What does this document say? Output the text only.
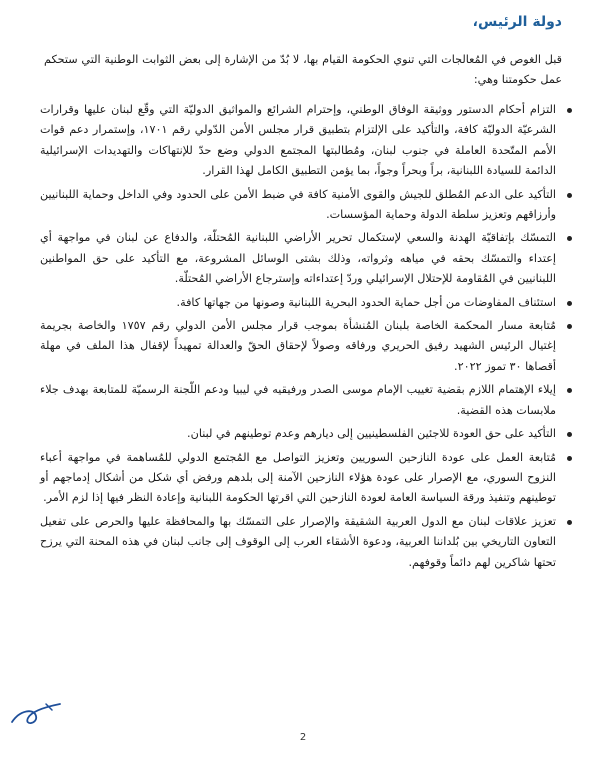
دولة الرئيس،

قبل الغوص في المُعالجات التي تنوي الحكومة القيام بها، لا بُدّ من الإشارة إلى بعض الثوابت الوطنية التي ستحكم عمل حكومتنا وهي:

التزام أحكام الدستور ووثيقة الوفاق الوطني، وإحترام الشرائع والمواثيق الدوليّة التي وقّع لبنان عليها وقرارات الشرعيّة الدوليّة كافة، والتأكيد على الإلتزام بتطبيق قرار مجلس الأمن الدّولي رقم ١٧٠١، وإستمرار دعم قوات الأمم المتّحدة العاملة في جنوب لبنان، ومُطالبتها المجتمع الدولي وضع حدّ للإنتهاكات والتهديدات الإسرائيلية الدائمة للسيادة اللبنانية، براً وبحراً وجواً، بما يؤمن التطبيق الكامل لهذا القرار.
التأكيد على الدعم المُطلق للجيش والقوى الأمنية كافة في ضبط الأمن على الحدود وفي الداخل وحماية اللبنانيين وأرزاقهم وتعزيز سلطة الدولة وحماية المؤسسات.
التمسّك بإتفاقيّة الهدنة والسعي لإستكمال تحرير الأراضي اللبنانية المُحتلّة، والدفاع عن لبنان في مواجهة أي إعتداء والتمسّك بحقه في مياهه وثرواته، وذلك بشتى الوسائل المشروعة، مع التأكيد على حق المواطنين اللبنانيين في المُقاومة للإحتلال الإسرائيلي وردّ إعتداءاته وإسترجاع الأراضي المُحتلّة.
استئناف المفاوضات من أجل حماية الحدود البحرية اللبنانية وصونها من جهاتها كافة.
مُتابعة مسار المحكمة الخاصة بلبنان المُنشأة بموجب قرار مجلس الأمن الدولي رقم ١٧٥٧ والخاصة بجريمة إغتيال الرئيس الشهيد رفيق الحريري ورفاقه وصولاً لإحقاق الحقّ والعدالة تمهيداً لإقفال هذا الملف في مهلة أقصاها ٣٠ تموز ٢٠٢٢.
إيلاء الإهتمام اللازم بقضية تغييب الإمام موسى الصدر ورفيقيه في ليبيا ودعم اللّجنة الرسميّة للمتابعة بهدف جلاء ملابسات هذه القضية.
التأكيد على حق العودة للاجئين الفلسطينيين إلى ديارهم وعدم توطينهم في لبنان.
مُتابعة العمل على عودة النازحين السوريين وتعزيز التواصل مع المُجتمع الدولي للمُساهمة في مواجهة أعباء النزوح السوري، مع الإصرار على عودة هؤلاء النازحين الآمنة إلى بلدهم ورفض أي شكل من أشكال إدماجهم أو توطينهم وتنفيذ ورقة السياسة العامة لعودة النازحين التي اقرتها الحكومة اللبنانية وإعادة النظر فيها إذا لزم الأمر.
تعزيز علاقات لبنان مع الدول العربية الشقيقة والإصرار على التمسّك بها والمحافظة عليها والحرص على تفعيل التعاون التاريخي بين بُلداننا العربية، ودعوة الأشقاء العرب إلى الوقوف إلى جانب لبنان في هذه المحنة التي يرزح تحتها شاكرين لهم دائماً وقوفهم.
2
